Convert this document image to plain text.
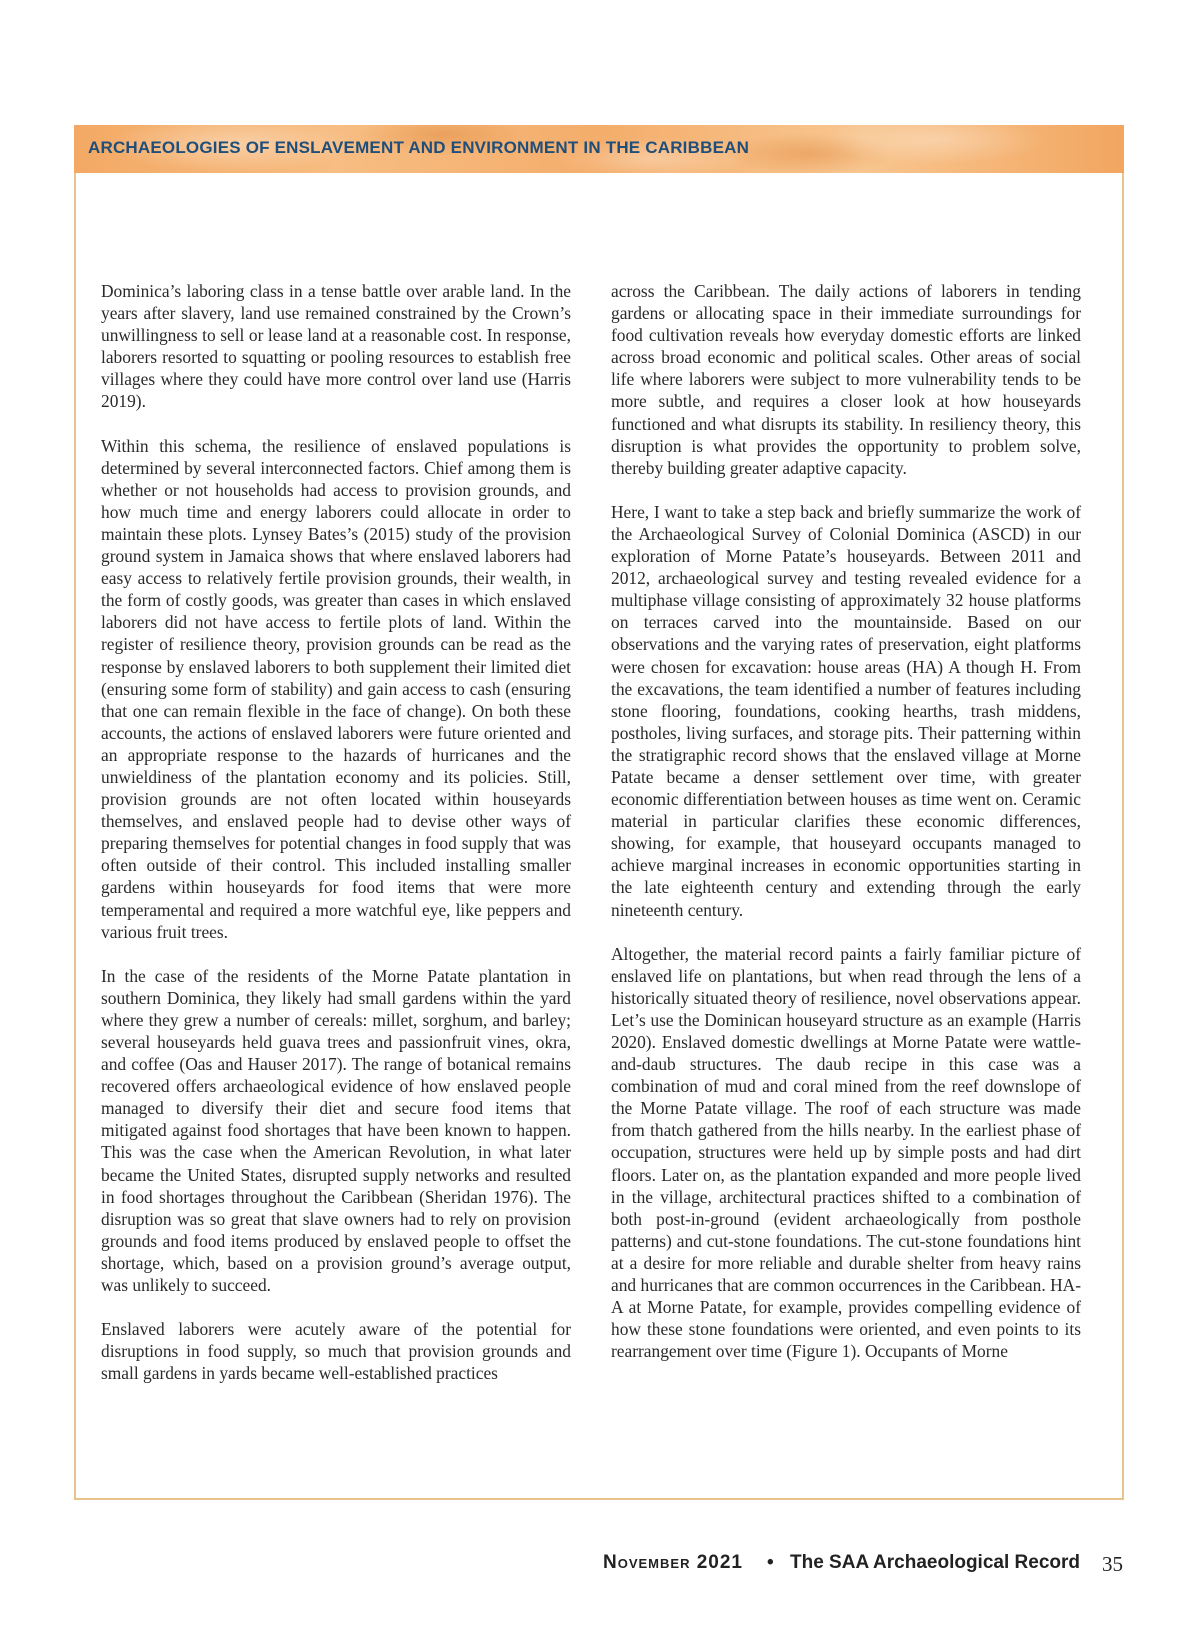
ARCHAEOLOGIES OF ENSLAVEMENT AND ENVIRONMENT IN THE CARIBBEAN

Dominica’s laboring class in a tense battle over arable land. In the years after slavery, land use remained constrained by the Crown’s unwillingness to sell or lease land at a reasonable cost. In response, laborers resorted to squatting or pooling resources to establish free villages where they could have more control over land use (Harris 2019).

Within this schema, the resilience of enslaved populations is determined by several interconnected factors. Chief among them is whether or not households had access to provision grounds, and how much time and energy laborers could allocate in order to maintain these plots. Lynsey Bates’s (2015) study of the provision ground system in Jamaica shows that where enslaved laborers had easy access to relatively fertile provision grounds, their wealth, in the form of costly goods, was greater than cases in which enslaved laborers did not have access to fertile plots of land. Within the register of resilience theory, provision grounds can be read as the response by enslaved laborers to both supplement their limited diet (ensuring some form of stability) and gain access to cash (ensuring that one can remain flexible in the face of change). On both these accounts, the actions of enslaved laborers were future oriented and an appropriate response to the hazards of hurricanes and the unwieldiness of the plantation economy and its policies. Still, provision grounds are not often located within houseyards themselves, and enslaved people had to devise other ways of preparing themselves for potential changes in food supply that was often outside of their control. This included installing smaller gardens within houseyards for food items that were more temperamental and required a more watchful eye, like peppers and various fruit trees.

In the case of the residents of the Morne Patate plantation in southern Dominica, they likely had small gardens within the yard where they grew a number of cereals: millet, sorghum, and barley; several houseyards held guava trees and passionfruit vines, okra, and coffee (Oas and Hauser 2017). The range of botanical remains recovered offers archaeological evidence of how enslaved people managed to diversify their diet and secure food items that mitigated against food shortages that have been known to happen. This was the case when the American Revolution, in what later became the United States, disrupted supply networks and resulted in food shortages throughout the Caribbean (Sheridan 1976). The disruption was so great that slave owners had to rely on provision grounds and food items produced by enslaved people to offset the shortage, which, based on a provision ground’s average output, was unlikely to succeed.

Enslaved laborers were acutely aware of the potential for disruptions in food supply, so much that provision grounds and small gardens in yards became well-established practices

across the Caribbean. The daily actions of laborers in tending gardens or allocating space in their immediate surroundings for food cultivation reveals how everyday domestic efforts are linked across broad economic and political scales. Other areas of social life where laborers were subject to more vulnerability tends to be more subtle, and requires a closer look at how houseyards functioned and what disrupts its stability. In resiliency theory, this disruption is what provides the opportunity to problem solve, thereby building greater adaptive capacity.

Here, I want to take a step back and briefly summarize the work of the Archaeological Survey of Colonial Dominica (ASCD) in our exploration of Morne Patate’s houseyards. Between 2011 and 2012, archaeological survey and testing revealed evidence for a multiphase village consisting of approximately 32 house platforms on terraces carved into the mountainside. Based on our observations and the varying rates of preservation, eight platforms were chosen for excavation: house areas (HA) A though H. From the excavations, the team identified a number of features including stone flooring, foundations, cooking hearths, trash middens, postholes, living surfaces, and storage pits. Their patterning within the stratigraphic record shows that the enslaved village at Morne Patate became a denser settlement over time, with greater economic differentiation between houses as time went on. Ceramic material in particular clarifies these economic differences, showing, for example, that houseyard occupants managed to achieve marginal increases in economic opportunities starting in the late eighteenth century and extending through the early nineteenth century.

Altogether, the material record paints a fairly familiar picture of enslaved life on plantations, but when read through the lens of a historically situated theory of resilience, novel observations appear. Let’s use the Dominican houseyard structure as an example (Harris 2020). Enslaved domestic dwellings at Morne Patate were wattle-and-daub structures. The daub recipe in this case was a combination of mud and coral mined from the reef downslope of the Morne Patate village. The roof of each structure was made from thatch gathered from the hills nearby. In the earliest phase of occupation, structures were held up by simple posts and had dirt floors. Later on, as the plantation expanded and more people lived in the village, architectural practices shifted to a combination of both post-in-ground (evident archaeologically from posthole patterns) and cut-stone foundations. The cut-stone foundations hint at a desire for more reliable and durable shelter from heavy rains and hurricanes that are common occurrences in the Caribbean. HA-A at Morne Patate, for example, provides compelling evidence of how these stone foundations were oriented, and even points to its rearrangement over time (Figure 1). Occupants of Morne

November 2021 • The SAA Archaeological Record 35
